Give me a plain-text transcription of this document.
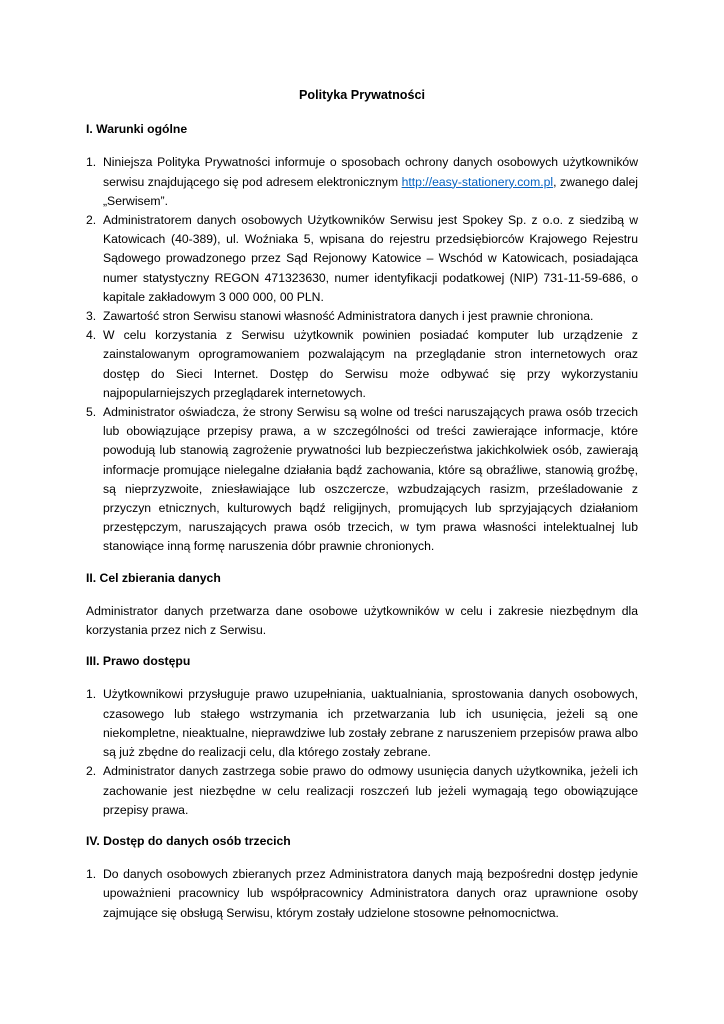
Polityka Prywatności
I. Warunki ogólne
1. Niniejsza Polityka Prywatności informuje o sposobach ochrony danych osobowych użytkowników serwisu znajdującego się pod adresem elektronicznym http://easy-stationery.com.pl, zwanego dalej „Serwisem”.
2. Administratorem danych osobowych Użytkowników Serwisu jest Spokey Sp. z o.o. z siedzibą w Katowicach (40-389), ul. Woźniaka 5, wpisana do rejestru przedsiębiorców Krajowego Rejestru Sądowego prowadzonego przez Sąd Rejonowy Katowice – Wschód w Katowicach, posiadająca numer statystyczny REGON 471323630, numer identyfikacji podatkowej (NIP) 731-11-59-686, o kapitale zakładowym 3 000 000, 00 PLN.
3. Zawartość stron Serwisu stanowi własność Administratora danych i jest prawnie chroniona.
4. W celu korzystania z Serwisu użytkownik powinien posiadać komputer lub urządzenie z zainstalowanym oprogramowaniem pozwalającym na przeglądanie stron internetowych oraz dostęp do Sieci Internet. Dostęp do Serwisu może odbywać się przy wykorzystaniu najpopularniejszych przeglądarek internetowych.
5. Administrator oświadcza, że strony Serwisu są wolne od treści naruszających prawa osób trzecich lub obowiązujące przepisy prawa, a w szczególności od treści zawierające informacje, które powodują lub stanowią zagrożenie prywatności lub bezpieczeństwa jakichkolwiek osób, zawierają informacje promujące nielegalne działania bądź zachowania, które są obraźliwe, stanowią groźbę, są nieprzyzwoite, zniesławiające lub oszczercze, wzbudzających rasizm, prześladowanie z przyczyn etnicznych, kulturowych bądź religijnych, promujących lub sprzyjających działaniom przestępczym, naruszających prawa osób trzecich, w tym prawa własności intelektualnej lub stanowiące inną formę naruszenia dóbr prawnie chronionych.
II. Cel zbierania danych
Administrator danych przetwarza dane osobowe użytkowników w celu i zakresie niezbędnym dla korzystania przez nich z Serwisu.
III. Prawo dostępu
1. Użytkownikowi przysługuje prawo uzupełniania, uaktualniania, sprostowania danych osobowych, czasowego lub stałego wstrzymania ich przetwarzania lub ich usunięcia, jeżeli są one niekompletne, nieaktualne, nieprawdziwe lub zostały zebrane z naruszeniem przepisów prawa albo są już zbędne do realizacji celu, dla którego zostały zebrane.
2. Administrator danych zastrzega sobie prawo do odmowy usunięcia danych użytkownika, jeżeli ich zachowanie jest niezbędne w celu realizacji roszczeń lub jeżeli wymagają tego obowiązujące przepisy prawa.
IV. Dostęp do danych osób trzecich
1. Do danych osobowych zbieranych przez Administratora danych mają bezpośredni dostęp jedynie upoważnieni pracownicy lub współpracownicy Administratora danych oraz uprawnione osoby zajmujące się obsługą Serwisu, którym zostały udzielone stosowne pełnomocnictwa.
